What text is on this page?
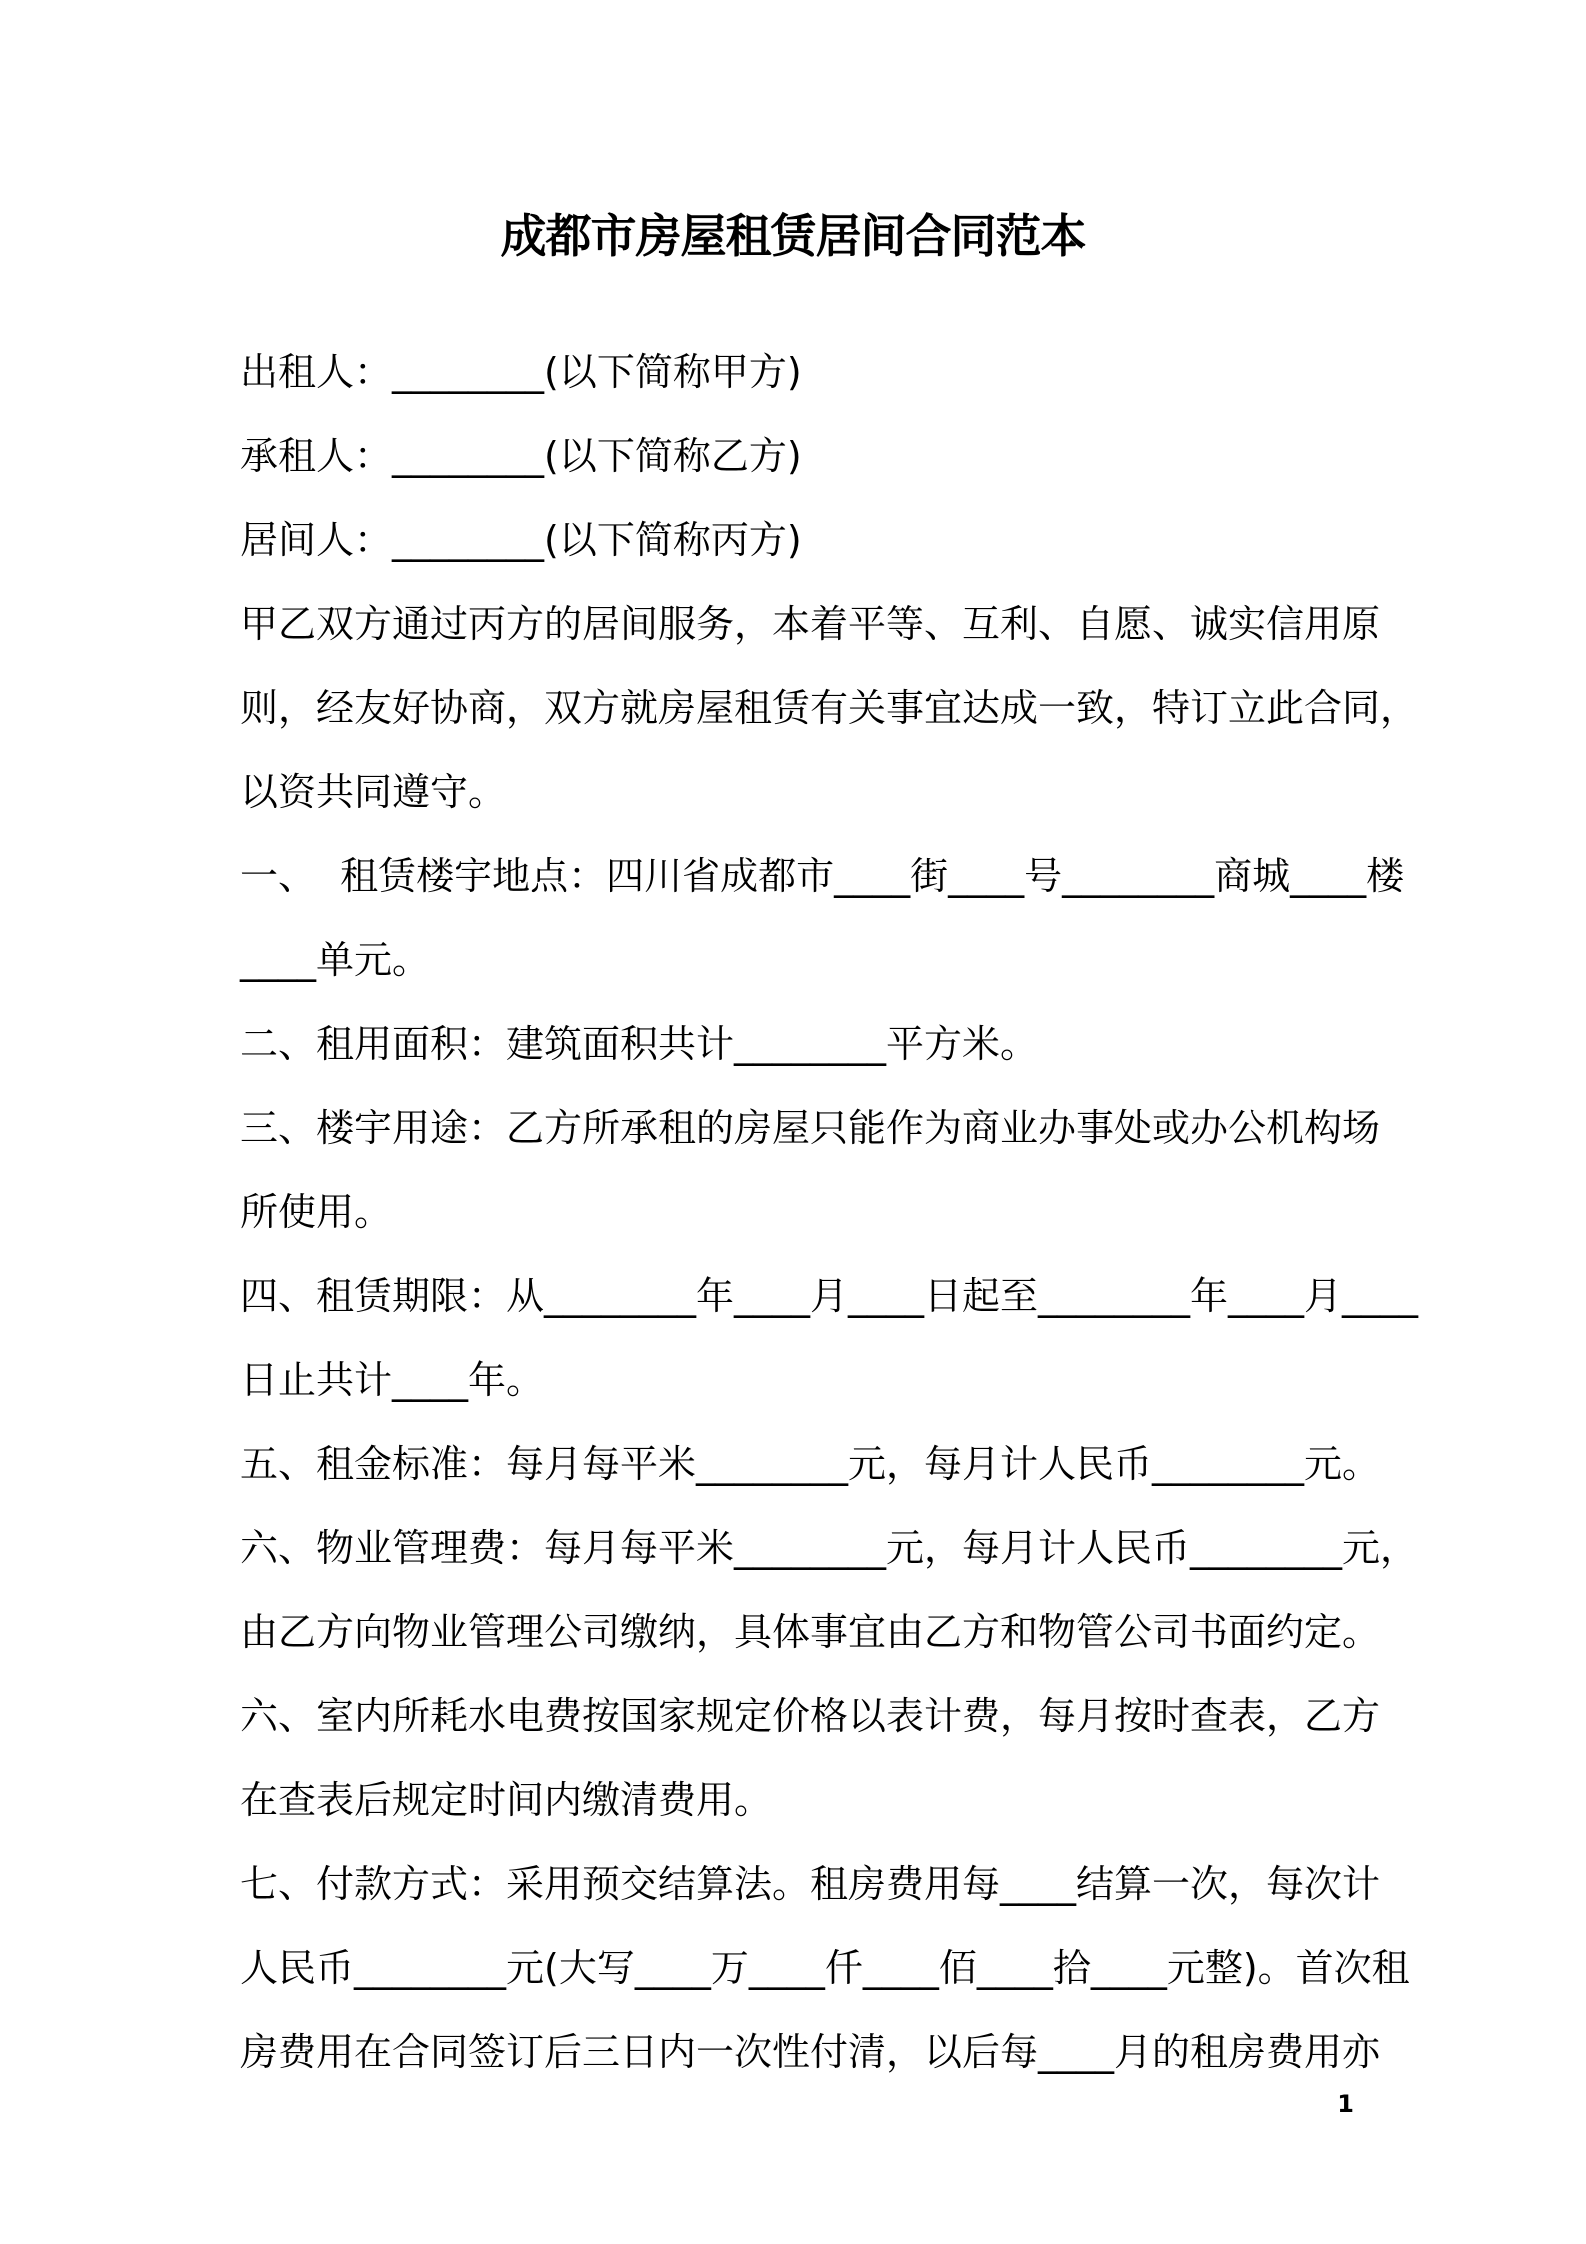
成都市房屋租赁居间合同范本
出租人：________(以下简称甲方)
承租人：________(以下简称乙方)
居间人：________(以下简称丙方)
甲乙双方通过丙方的居间服务，本着平等、互利、自愿、诚实信用原
则，经友好协商，双方就房屋租赁有关事宜达成一致，特订立此合同，
以资共同遵守。
一、  租赁楼宇地点：四川省成都市____街____号________商城____楼
____单元。
二、租用面积：建筑面积共计________平方米。
三、楼宇用途：乙方所承租的房屋只能作为商业办事处或办公机构场
所使用。
四、租赁期限：从________年____月____日起至________年____月____
日止共计____年。
五、租金标准：每月每平米________元，每月计人民币________元。
六、物业管理费：每月每平米________元，每月计人民币________元，
由乙方向物业管理公司缴纳，具体事宜由乙方和物管公司书面约定。
六、室内所耗水电费按国家规定价格以表计费，每月按时查表，乙方
在查表后规定时间内缴清费用。
七、付款方式：采用预交结算法。租房费用每____结算一次，每次计
人民币________元(大写____万____仟____佰____拾____元整)。首次租
房费用在合同签订后三日内一次性付清，以后每____月的租房费用亦
1
